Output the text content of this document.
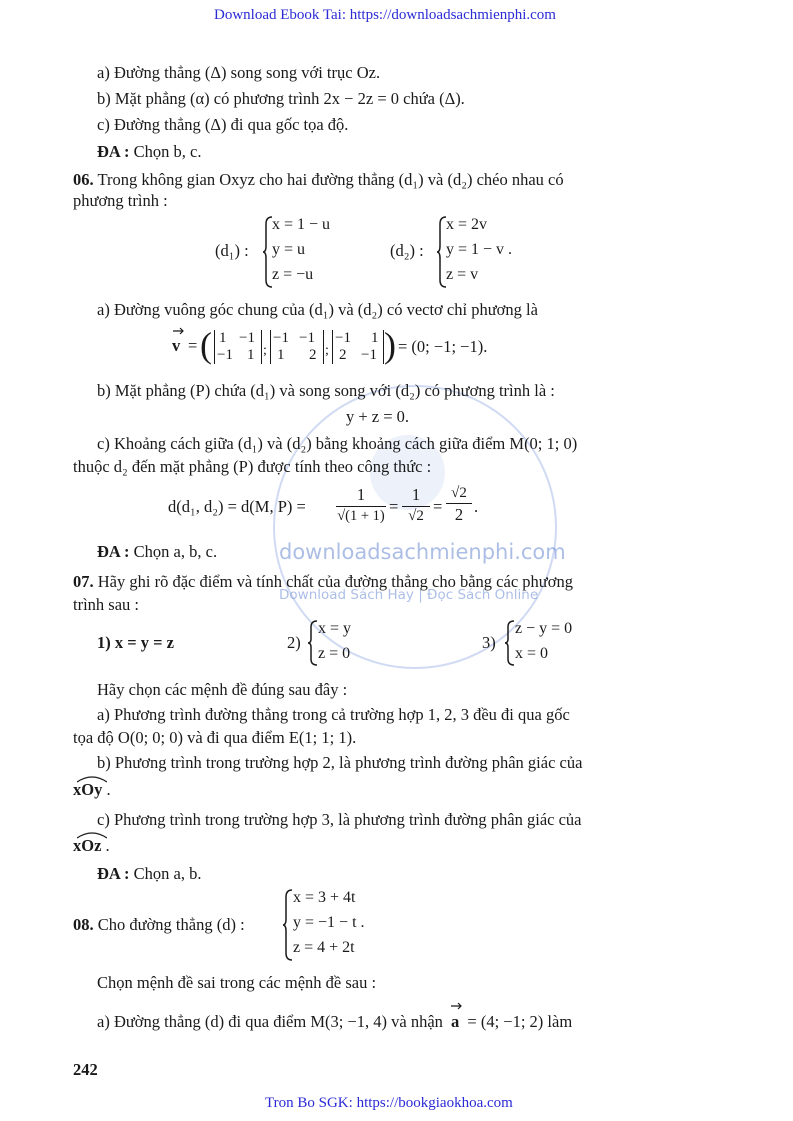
downloadsachmienphi.com
Download Sách Hay | Đọc Sách Online
Download Ebook Tai: https://downloadsachmienphi.com
a) Đường thẳng (Δ) song song với trục Oz.
b) Mặt phẳng (α) có phương trình 2x − 2z = 0 chứa (Δ).
c) Đường thẳng (Δ) đi qua gốc tọa độ.
ĐA : Chọn b, c.
06. Trong không gian Oxyz cho hai đường thẳng (d₁) và (d₂) chéo nhau có
phương trình :
(d₁) :
x = 1 − u
y = u
z = −u
(d₂) :
x = 2v
y = 1 − v .
z = v
a) Đường vuông góc chung của (d₁) và (d₂) có vectơ chỉ phương là
v = ( 1 −1
−1 1 ;
−1 −1
1 2 ;
−1 1
2 −1 ) = (0; −1; −1).
b) Mặt phẳng (P) chứa (d₁) và song song với (d₂) có phương trình là :
y + z = 0.
c) Khoảng cách giữa (d₁) và (d₂) bằng khoảng cách giữa điểm M(0; 1; 0)
thuộc d₂ đến mặt phẳng (P) được tính theo công thức :
d(d₁, d₂) = d(M, P) =
1
√(1 + 1) =
1
√2 =
√2
2 .
ĐA : Chọn a, b, c.
07. Hãy ghi rõ đặc điểm và tính chất của đường thẳng cho bằng các phương
trình sau :
1) x = y = z	2)
x = y
z = 0
3)
z − y = 0
x = 0
Hãy chọn các mệnh đề đúng sau đây :
a) Phương trình đường thẳng trong cả trường hợp 1, 2, 3 đều đi qua gốc
tọa độ O(0; 0; 0) và đi qua điểm E(1; 1; 1).
b) Phương trình trong trường hợp 2, là phương trình đường phân giác của
xOy .
c) Phương trình trong trường hợp 3, là phương trình đường phân giác của
xOz .
ĐA : Chọn a, b.
08. Cho đường thẳng (d) :
x = 3 + 4t
y = −1 − t .
z = 4 + 2t
Chọn mệnh đề sai trong các mệnh đề sau :
a) Đường thẳng (d) đi qua điểm M(3; −1, 4) và nhận a = (4; −1; 2) làm
242
Tron Bo SGK: https://bookgiaokhoa.com
